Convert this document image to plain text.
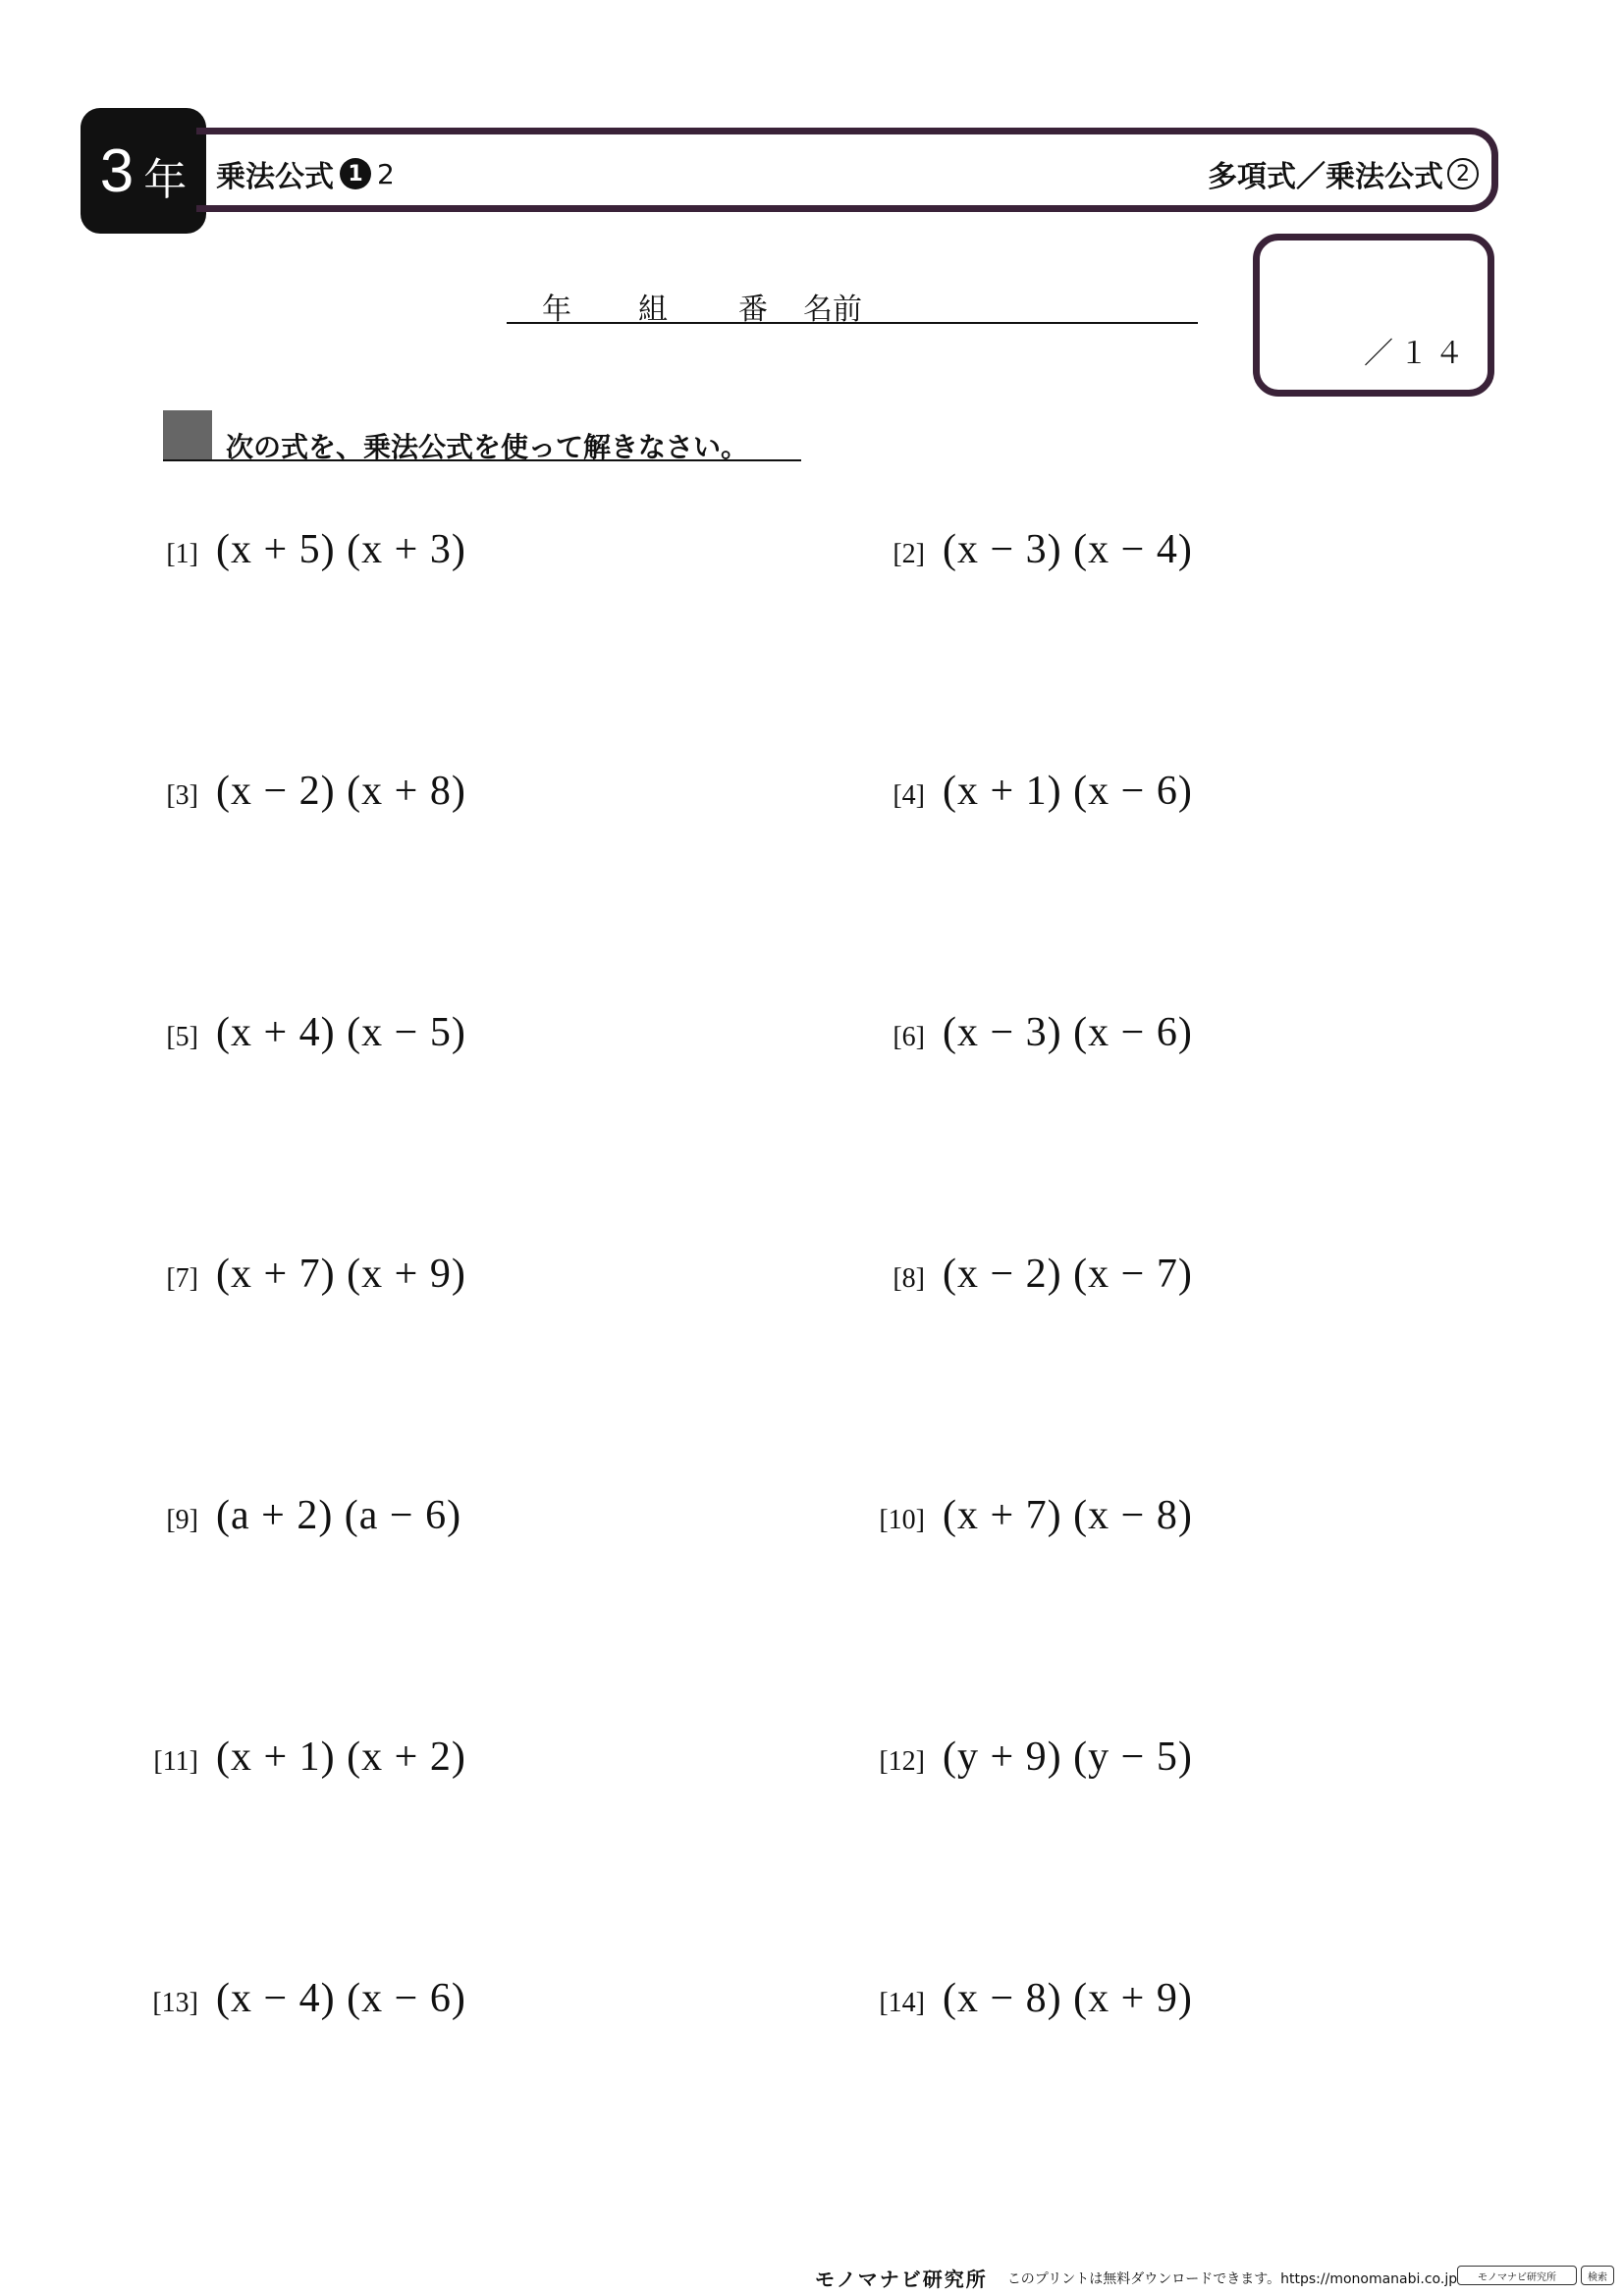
3 年 乗法公式 1 2	多項式／乗法公式 2
年 組 番 名前
／１４
次の式を、乗法公式を使って解きなさい。
[1] (x + 5) (x + 3)	[2] (x − 3) (x − 4)
[3] (x − 2) (x + 8)	[4] (x + 1) (x − 6)
[5] (x + 4) (x − 5)	[6] (x − 3) (x − 6)
[7] (x + 7) (x + 9)	[8] (x − 2) (x − 7)
[9] (a + 2) (a − 6)	[10] (x + 7) (x − 8)
[11] (x + 1) (x + 2)	[12] (y + 9) (y − 5)
[13] (x − 4) (x − 6)	[14] (x − 8) (x + 9)
モノマナビ研究所 このプリントは無料ダウンロードできます。https://monomanabi.co.jp	モノマナビ研究所	検索
